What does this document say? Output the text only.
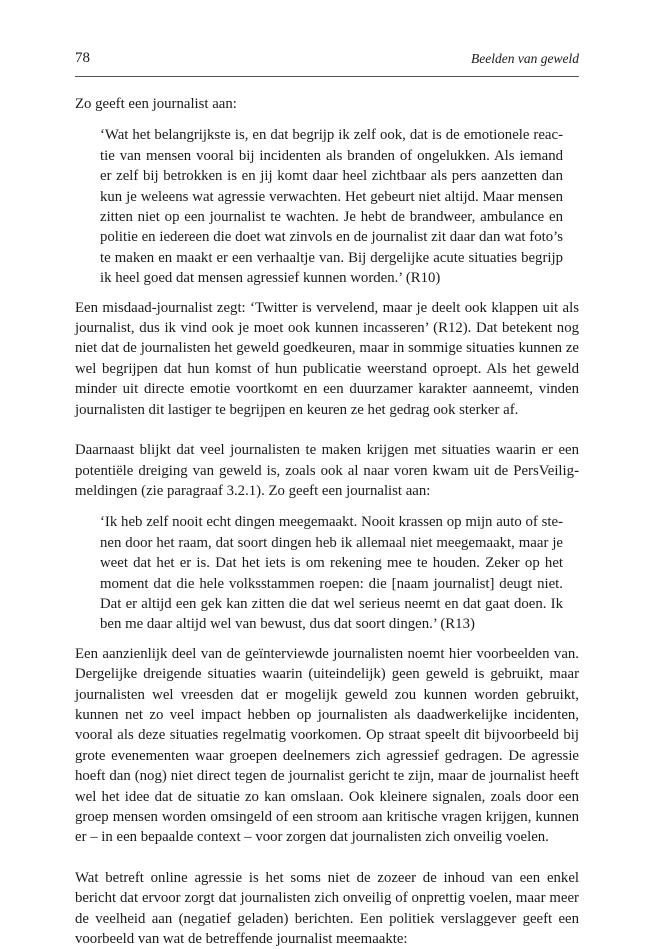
78	Beelden van geweld

Zo geeft een journalist aan:

‘Wat het belangrijkste is, en dat begrijp ik zelf ook, dat is de emotionele reactie van mensen vooral bij incidenten als branden of ongelukken. Als iemand er zelf bij betrokken is en jij komt daar heel zichtbaar als pers aanzetten dan kun je weleens wat agressie verwachten. Het gebeurt niet altijd. Maar mensen zitten niet op een journalist te wachten. Je hebt de brandweer, ambulance en politie en iedereen die doet wat zinvols en de journalist zit daar dan wat foto’s te maken en maakt er een verhaaltje van. Bij dergelijke acute situaties begrijp ik heel goed dat mensen agressief kunnen worden.’ (R10)

Een misdaad-journalist zegt: ‘Twitter is vervelend, maar je deelt ook klappen uit als journalist, dus ik vind ook je moet ook kunnen incasseren’ (R12). Dat betekent nog niet dat de journalisten het geweld goedkeuren, maar in sommige situaties kunnen ze wel begrijpen dat hun komst of hun publicatie weerstand oproept. Als het geweld minder uit directe emotie voortkomt en een duurzamer karakter aanneemt, vinden journalisten dit lastiger te begrijpen en keuren ze het gedrag ook sterker af.

Daarnaast blijkt dat veel journalisten te maken krijgen met situaties waarin er een potentiële dreiging van geweld is, zoals ook al naar voren kwam uit de PersVeiligmeldingen (zie paragraaf 3.2.1). Zo geeft een journalist aan:

‘Ik heb zelf nooit echt dingen meegemaakt. Nooit krassen op mijn auto of stenen door het raam, dat soort dingen heb ik allemaal niet meegemaakt, maar je weet dat het er is. Dat het iets is om rekening mee te houden. Zeker op het moment dat die hele volksstammen roepen: die [naam journalist] deugt niet. Dat er altijd een gek kan zitten die dat wel serieus neemt en dat gaat doen. Ik ben me daar altijd wel van bewust, dus dat soort dingen.’ (R13)

Een aanzienlijk deel van de geïnterviewde journalisten noemt hier voorbeelden van. Dergelijke dreigende situaties waarin (uiteindelijk) geen geweld is gebruikt, maar journalisten wel vreesden dat er mogelijk geweld zou kunnen worden gebruikt, kunnen net zo veel impact hebben op journalisten als daadwerkelijke incidenten, vooral als deze situaties regelmatig voorkomen. Op straat speelt dit bijvoorbeeld bij grote evenementen waar groepen deelnemers zich agressief gedragen. De agressie hoeft dan (nog) niet direct tegen de journalist gericht te zijn, maar de journalist heeft wel het idee dat de situatie zo kan omslaan. Ook kleinere signalen, zoals door een groep mensen worden omsingeld of een stroom aan kritische vragen krijgen, kunnen er – in een bepaalde context – voor zorgen dat journalisten zich onveilig voelen.

Wat betreft online agressie is het soms niet de zozeer de inhoud van een enkel bericht dat ervoor zorgt dat journalisten zich onveilig of onprettig voelen, maar meer de veelheid aan (negatief geladen) berichten. Een politiek verslaggever geeft een voorbeeld van wat de betreffende journalist meemaakte:
